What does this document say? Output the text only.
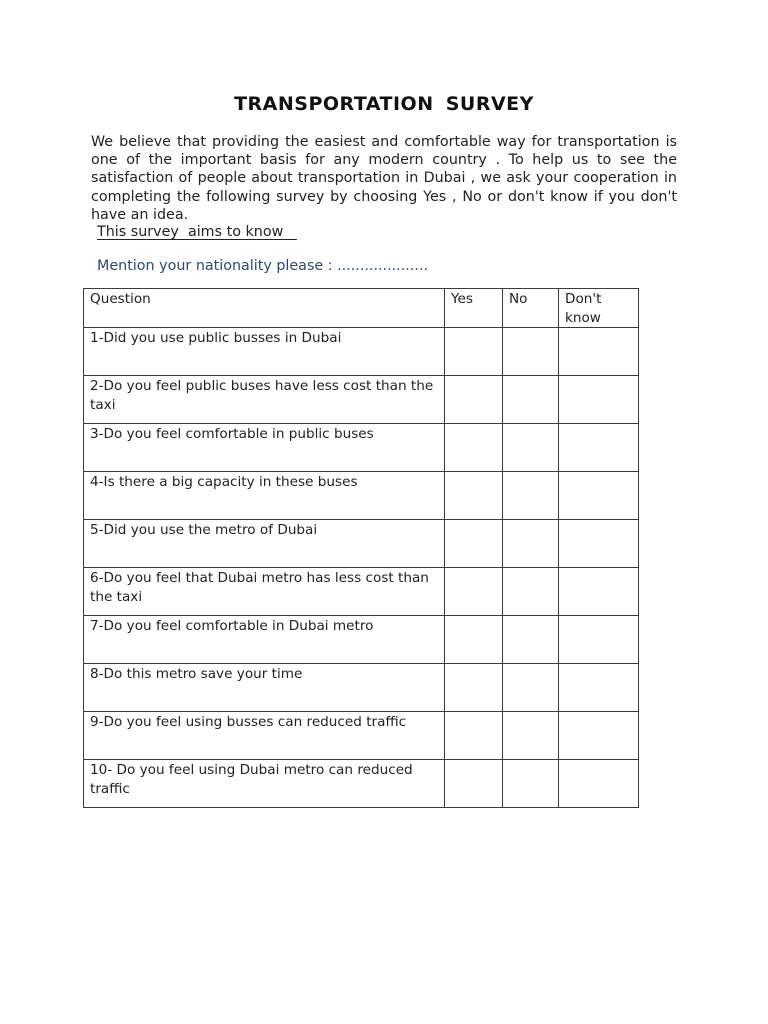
TRANSPORTATION SURVEY
We believe that providing the easiest and comfortable way for transportation is one of the important basis for any modern country . To help us to see the satisfaction of people about transportation in Dubai , we ask your cooperation in completing the following survey by choosing Yes , No or don't know if you don't have an idea.
This survey  aims to know
Mention your nationality please : ....................
Question	Yes	No	Don't know
1-Did you use public busses in Dubai			
2-Do you feel public buses have less cost than the taxi			
3-Do you feel comfortable in public buses			
4-Is there a big capacity in these buses			
5-Did you use the metro of Dubai			
6-Do you feel that Dubai metro has less cost than the taxi			
7-Do you feel comfortable in Dubai metro			
8-Do this metro save your time			
9-Do you feel using busses can reduced traffic			
10- Do you feel using Dubai metro can reduced traffic			
